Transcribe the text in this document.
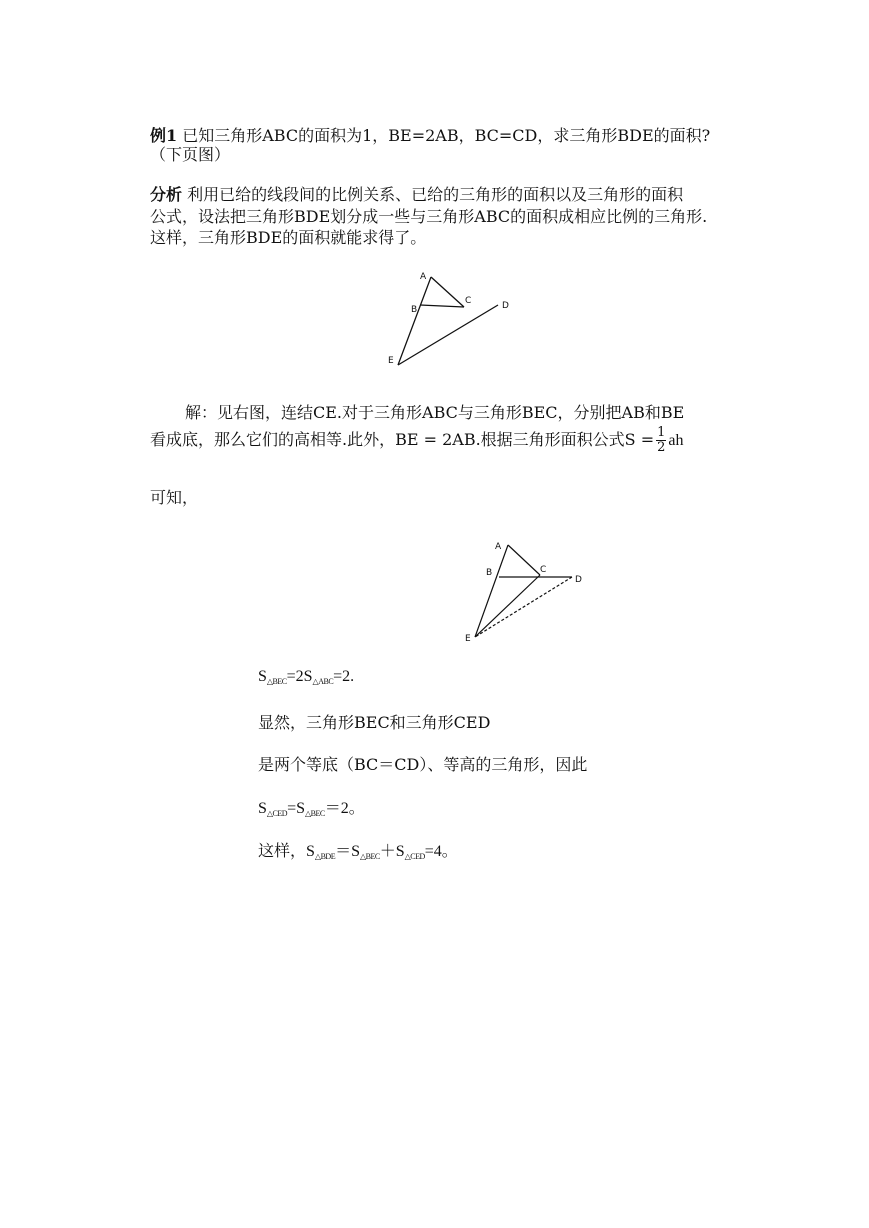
例1 已知三角形ABC的面积为1，BE=2AB，BC=CD，求三角形BDE的面积?
（下页图）
分析 利用已给的线段间的比例关系、已给的三角形的面积以及三角形的面积
公式，设法把三角形BDE划分成一些与三角形ABC的面积成相应比例的三角形.
这样，三角形BDE的面积就能求得了。
A
B
C	D
E
解：见右图，连结CE.对于三角形ABC与三角形BEC，分别把AB和BE
看成底，那么它们的高相等.此外，BE = 2AB.根据三角形面积公式$S = \frac{1}{2}$ ah
可知，
A
B	C
D
E
$S_{\triangle BEC}=2S_{\triangle ABC}=2$.
显然，三角形BEC和三角形CED
是两个等底（BC＝CD）、等高的三角形，因此
$S_{\triangle CED}=S_{\triangle BEC}=2$。
这样，$S_{\triangle BDE}=S_{\triangle BEC}+S_{\triangle CED}=4$。
